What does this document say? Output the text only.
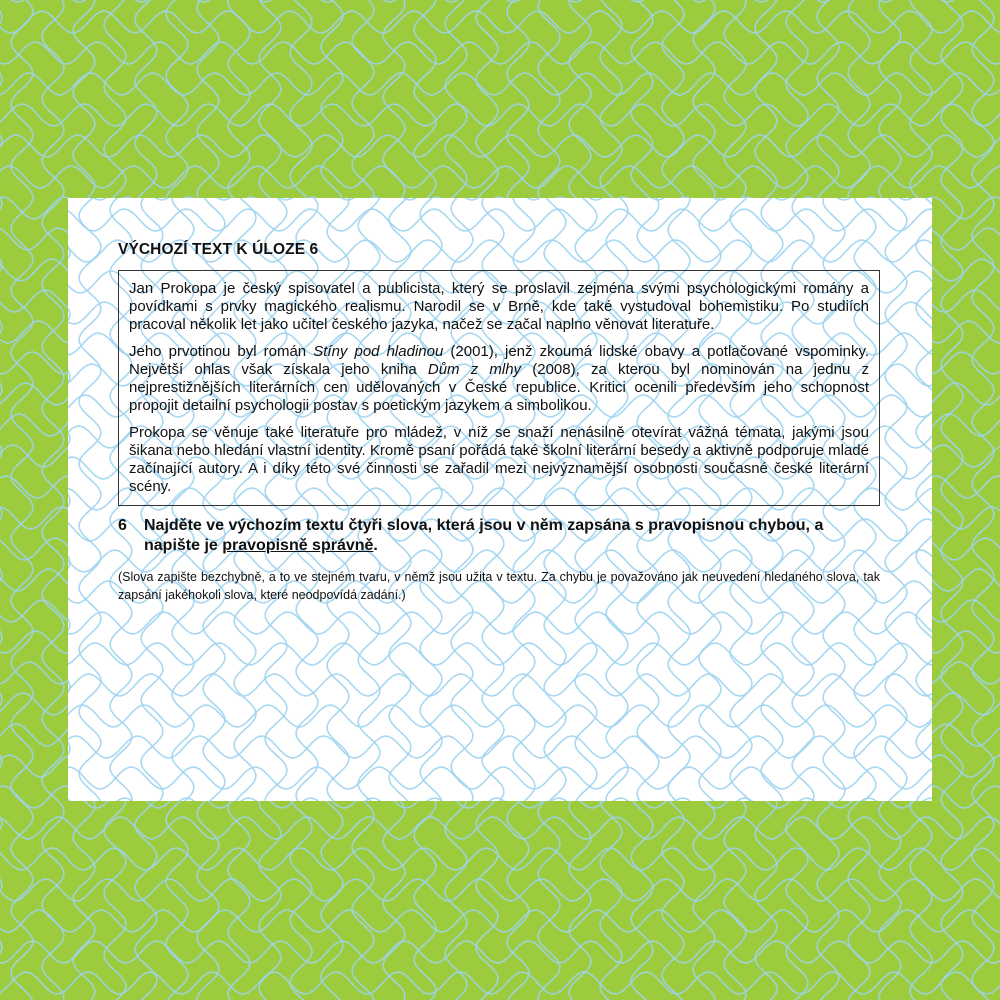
VÝCHOZÍ TEXT K ÚLOZE 6

Jan Prokopa je český spisovatel a publicista, který se proslavil zejména svými psychologickými romány a povídkami s prvky magického realismu. Narodil se v Brně, kde také vystudoval bohemistiku. Po studiích pracoval několik let jako učitel českého jazyka, načež se začal naplno věnovat literatuře.

Jeho prvotinou byl román Stíny pod hladinou (2001), jenž zkoumá lidské obavy a potlačované vspominky. Největší ohlas však získala jeho kniha Dům z mlhy (2008), za kterou byl nominován na jednu z nejprestižnějších literárních cen udělovaných v České republice. Kritici ocenili především jeho schopnost propojit detailní psychologii postav s poetickým jazykem a simbolikou.

Prokopa se věnuje také literatuře pro mládež, v níž se snaží nenásilně otevírat vážná témata, jakými jsou šikana nebo hledání vlastní identity. Kromě psaní pořádá také školní literární besedy a aktivně podporuje mladé začínající autory. A i díky této své činnosti se zařadil mezi nejvýznamější osobnosti současné české literární scény.

6	Najděte ve výchozím textu čtyři slova, která jsou v něm zapsána s pravopisnou chybou, a napište je pravopisně správně.
(Slova zapište bezchybně, a to ve stejném tvaru, v němž jsou užita v textu. Za chybu je považováno jak neuvedení hledaného slova, tak zapsání jakéhokoli slova, které neodpovídá zadání.)
